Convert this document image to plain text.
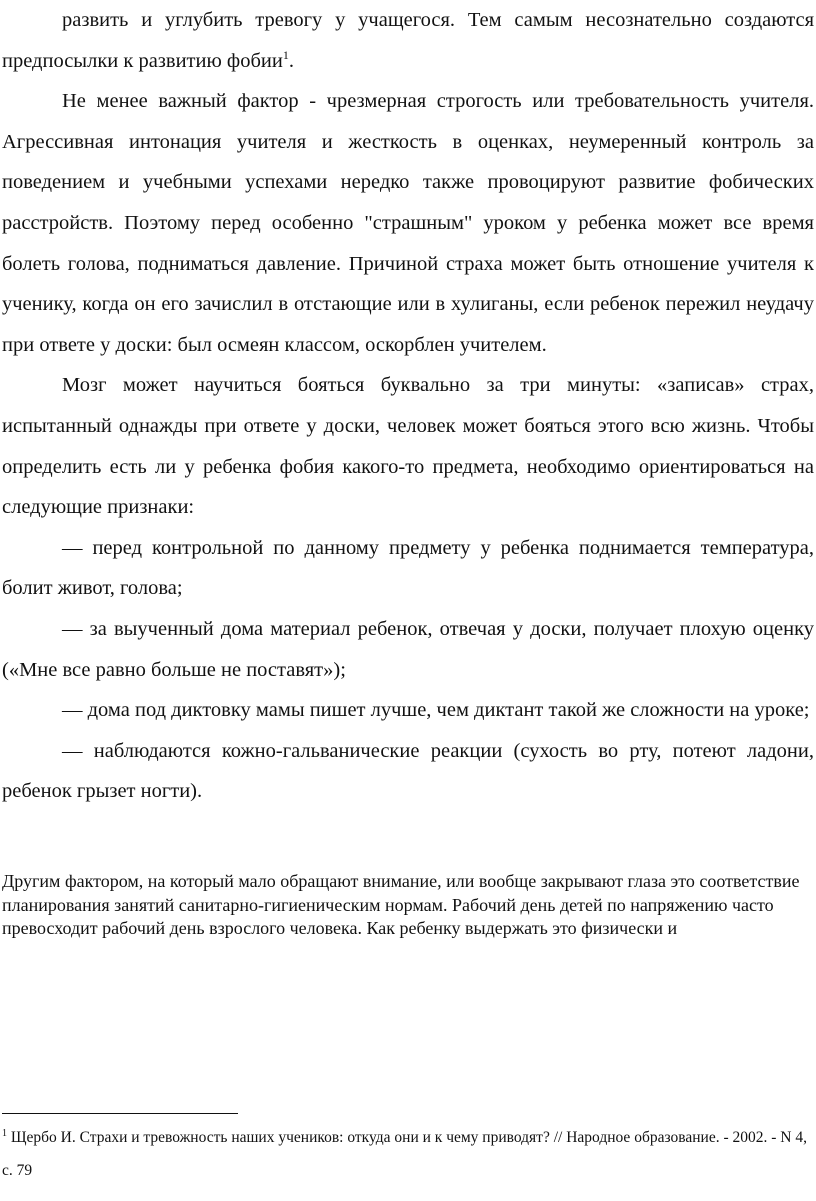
развить и углубить тревогу у учащегося. Тем самым несознательно создаются предпосылки к развитию фобии$^1$.

Не менее важный фактор - чрезмерная строгость или требовательность учителя. Агрессивная интонация учителя и жесткость в оценках, неумеренный контроль за поведением и учебными успехами нередко также провоцируют развитие фобических расстройств. Поэтому перед особенно "страшным" уроком у ребенка может все время болеть голова, подниматься давление. Причиной страха может быть отношение учителя к ученику, когда он его зачислил в отстающие или в хулиганы, если ребенок пережил неудачу при ответе у доски: был осмеян классом, оскорблен учителем.

Мозг может научиться бояться буквально за три минуты: «записав» страх, испытанный однажды при ответе у доски, человек может бояться этого всю жизнь. Чтобы определить есть ли у ребенка фобия какого-то предмета, необходимо ориентироваться на следующие признаки:

— перед контрольной по данному предмету у ребенка поднимается температура, болит живот, голова;

— за выученный дома материал ребенок, отвечая у доски, получает плохую оценку («Мне все равно больше не поставят»);

— дома под диктовку мамы пишет лучше, чем диктант такой же сложности на уроке;

— наблюдаются кожно-гальванические реакции (сухость во рту, потеют ладони, ребенок грызет ногти).

Другим фактором, на который мало обращают внимание, или вообще закрывают глаза это соответствие планирования занятий санитарно-гигиеническим нормам. Рабочий день детей по напряжению часто превосходит рабочий день взрослого человека. Как ребенку выдержать это физически и

$^1$ Щербо И. Страхи и тревожность наших учеников: откуда они и к чему приводят? // Народное образование. - 2002. - N 4, с. 79
